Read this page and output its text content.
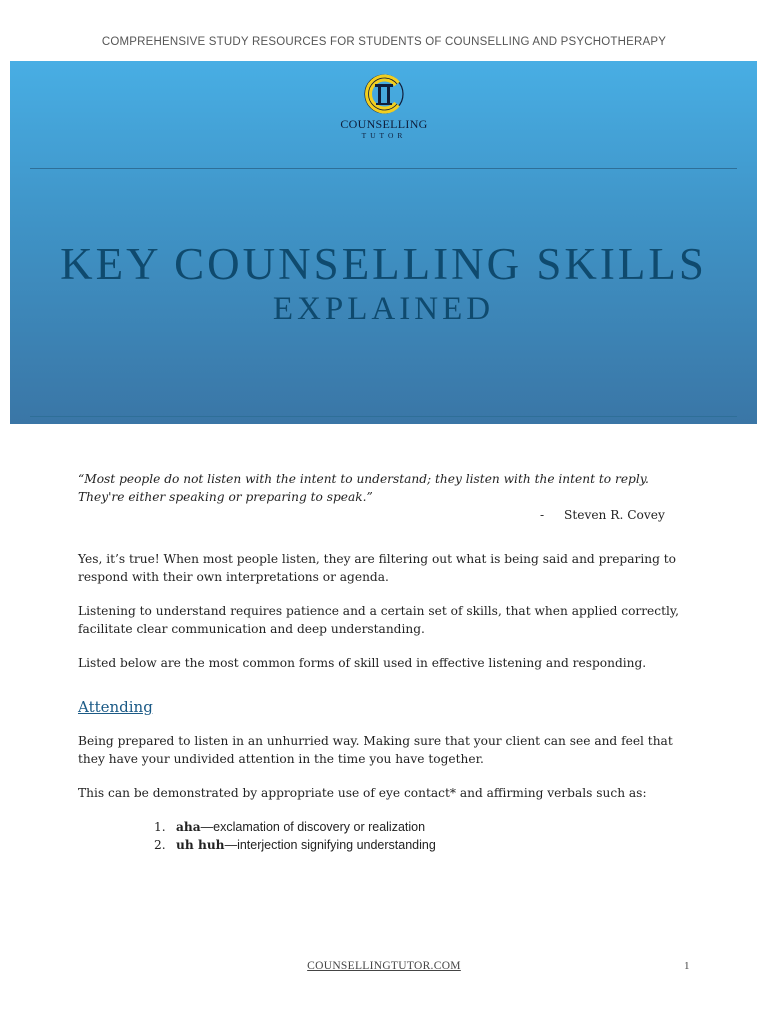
COMPREHENSIVE STUDY RESOURCES FOR STUDENTS OF COUNSELLING AND PSYCHOTHERAPY
COUNSELLING
TUTOR
KEY COUNSELLING SKILLS
EXPLAINED

“Most people do not listen with the intent to understand; they listen with the intent to reply.

They're either speaking or preparing to speak.”

- Steven R. Covey

Yes, it’s true! When most people listen, they are filtering out what is being said and preparing to

respond with their own interpretations or agenda.

Listening to understand requires patience and a certain set of skills, that when applied correctly,

facilitate clear communication and deep understanding.

Listed below are the most common forms of skill used in effective listening and responding.

Attending

Being prepared to listen in an unhurried way. Making sure that your client can see and feel that

they have your undivided attention in the time you have together.

This can be demonstrated by appropriate use of eye contact* and affirming verbals such as:

1. aha—exclamation of discovery or realization
2. uh huh—interjection signifying understanding
COUNSELLINGTUTOR.COM	1
